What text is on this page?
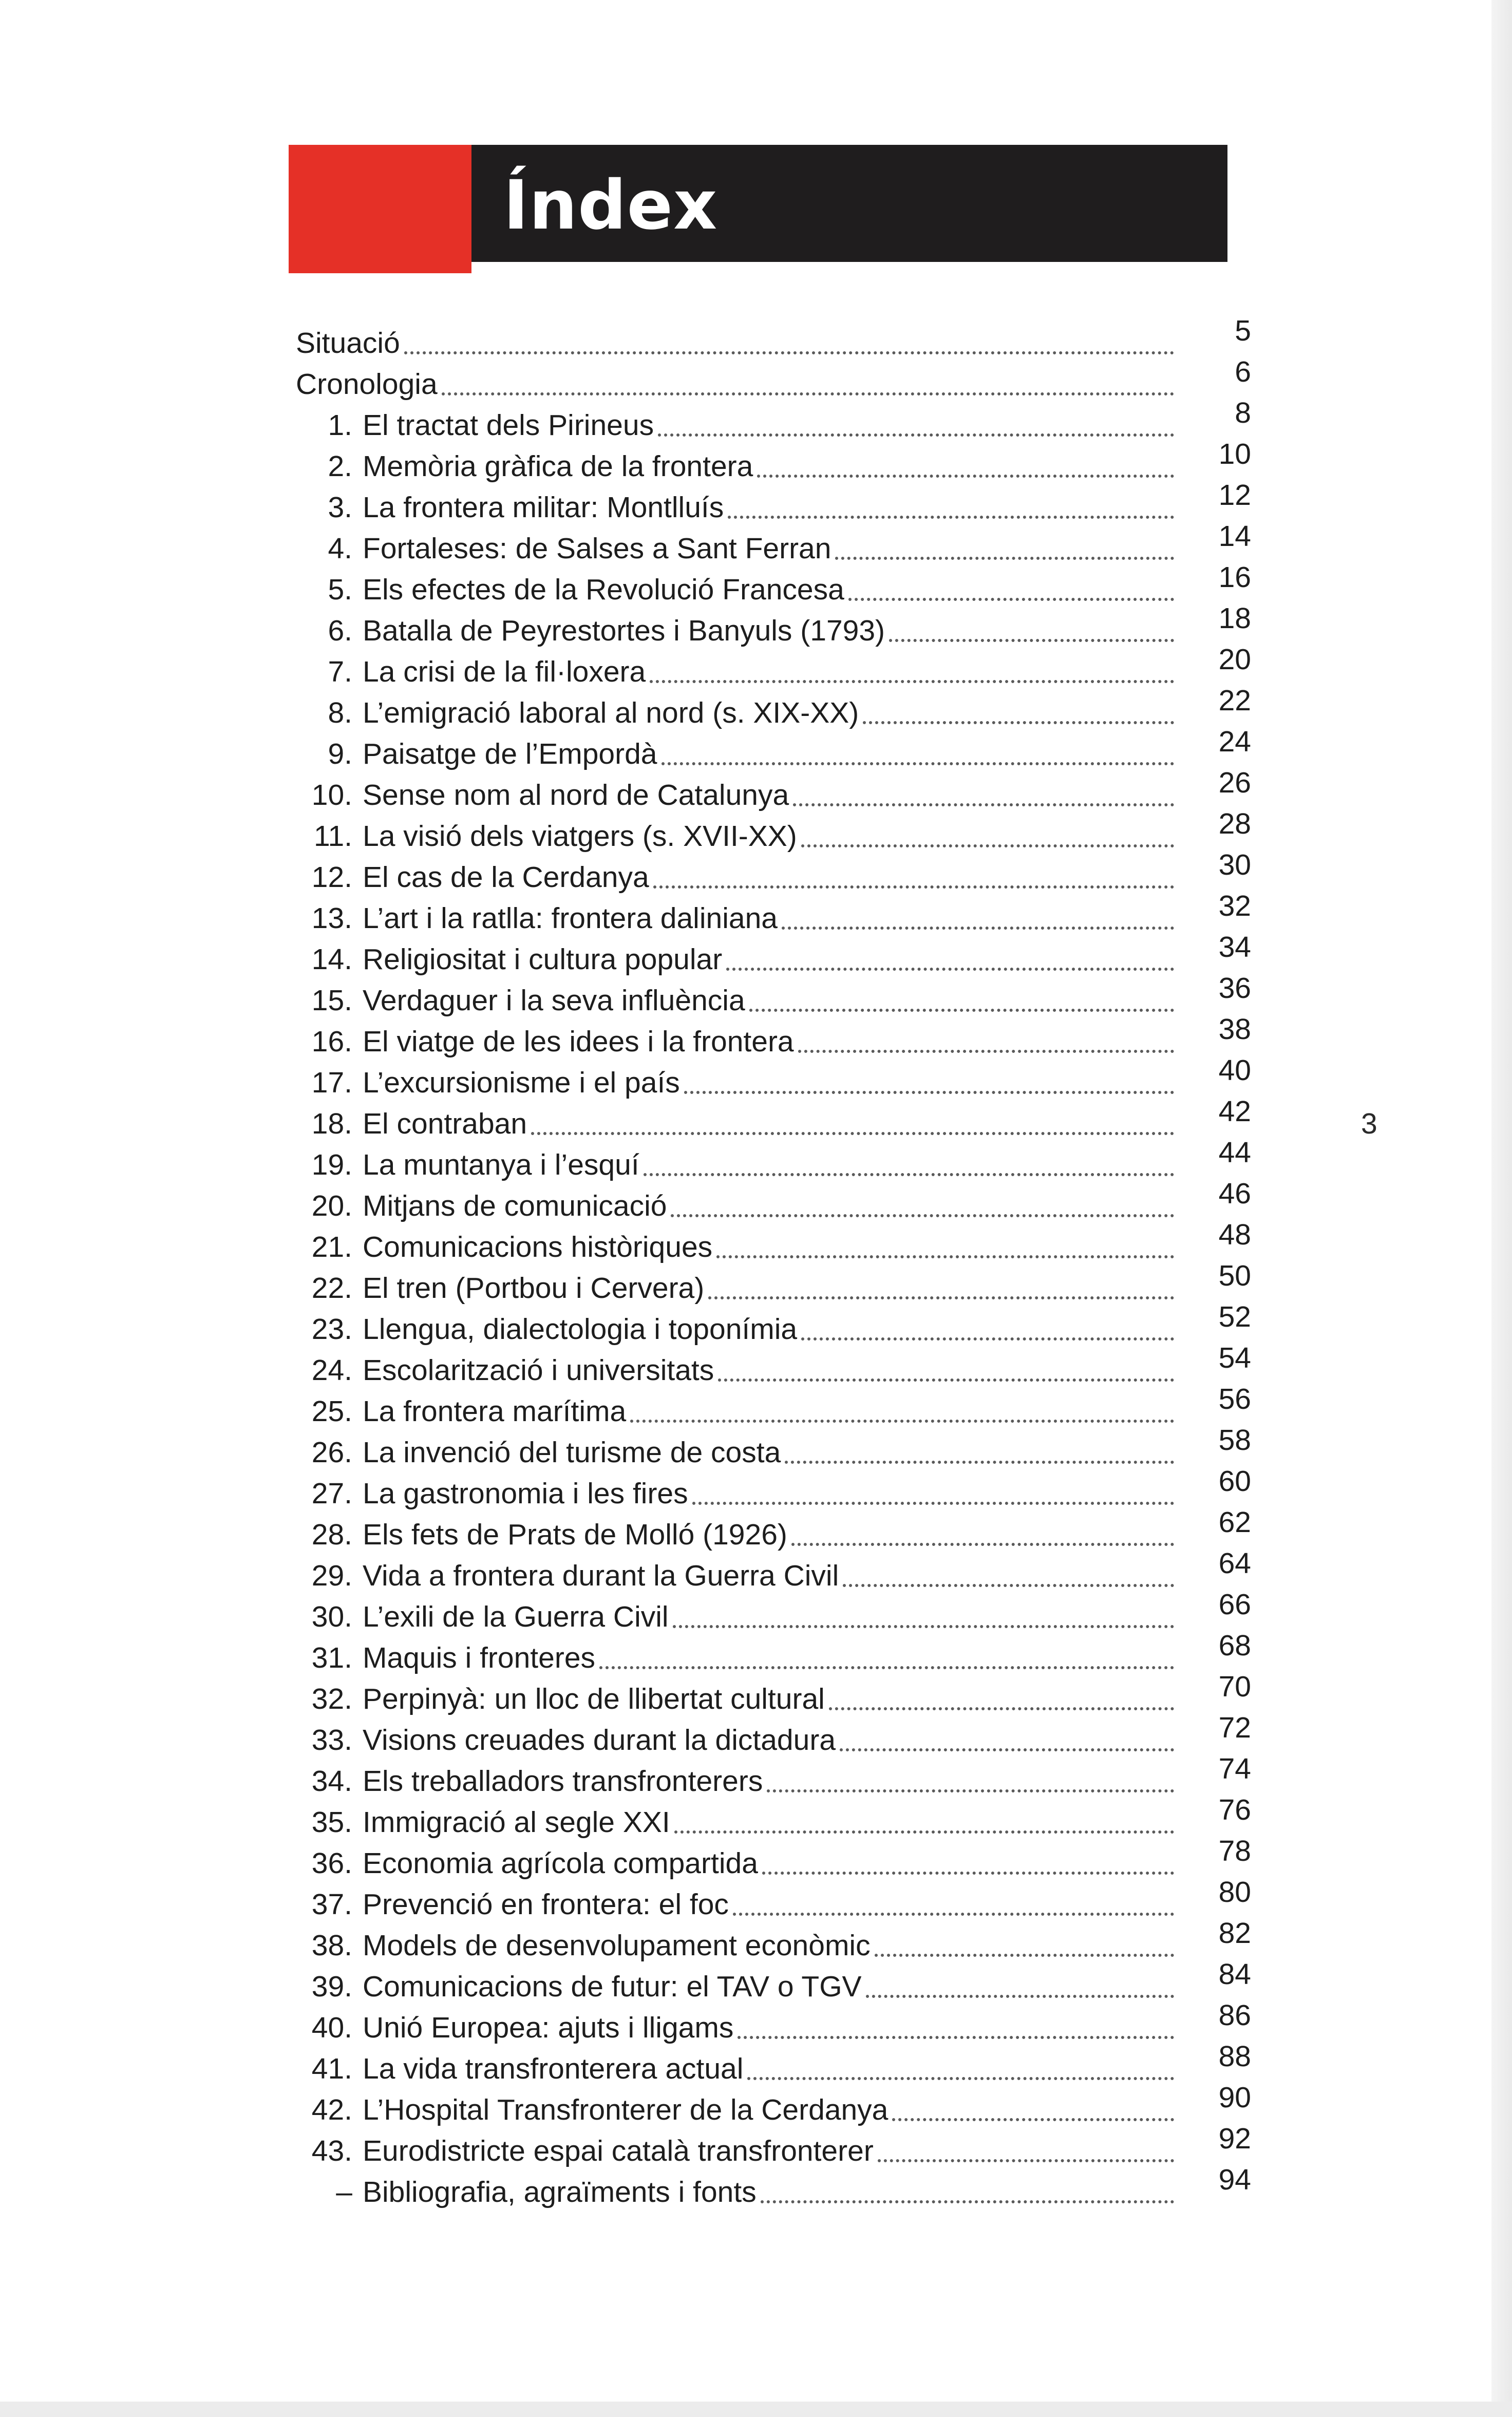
Índex
Situació	5
Cronologia	6
1. El tractat dels Pirineus	8
2. Memòria gràfica de la frontera	10
3. La frontera militar: Montlluís	12
4. Fortaleses: de Salses a Sant Ferran	14
5. Els efectes de la Revolució Francesa	16
6. Batalla de Peyrestortes i Banyuls (1793)	18
7. La crisi de la fil·loxera	20
8. L’emigració laboral al nord (s. XIX-XX)	22
9. Paisatge de l’Empordà	24
10. Sense nom al nord de Catalunya	26
11. La visió dels viatgers (s. XVII-XX)	28
12. El cas de la Cerdanya	30
13. L’art i la ratlla: frontera daliniana	32
14. Religiositat i cultura popular	34
15. Verdaguer i la seva influència	36
16. El viatge de les idees i la frontera	38
17. L’excursionisme i el país	40
18. El contraban	42
19. La muntanya i l’esquí	44
20. Mitjans de comunicació	46
21. Comunicacions històriques	48
22. El tren (Portbou i Cervera)	50
23. Llengua, dialectologia i toponímia	52
24. Escolarització i universitats	54
25. La frontera marítima	56
26. La invenció del turisme de costa	58
27. La gastronomia i les fires	60
28. Els fets de Prats de Molló (1926)	62
29. Vida a frontera durant la Guerra Civil	64
30. L’exili de la Guerra Civil	66
31. Maquis i fronteres	68
32. Perpinyà: un lloc de llibertat cultural	70
33. Visions creuades durant la dictadura	72
34. Els treballadors transfronterers	74
35. Immigració al segle XXI	76
36. Economia agrícola compartida	78
37. Prevenció en frontera: el foc	80
38. Models de desenvolupament econòmic	82
39. Comunicacions de futur: el TAV o TGV	84
40. Unió Europea: ajuts i lligams	86
41. La vida transfronterera actual	88
42. L’Hospital Transfronterer de la Cerdanya	90
43. Eurodistricte espai català transfronterer	92
– Bibliografia, agraïments i fonts	94
3
